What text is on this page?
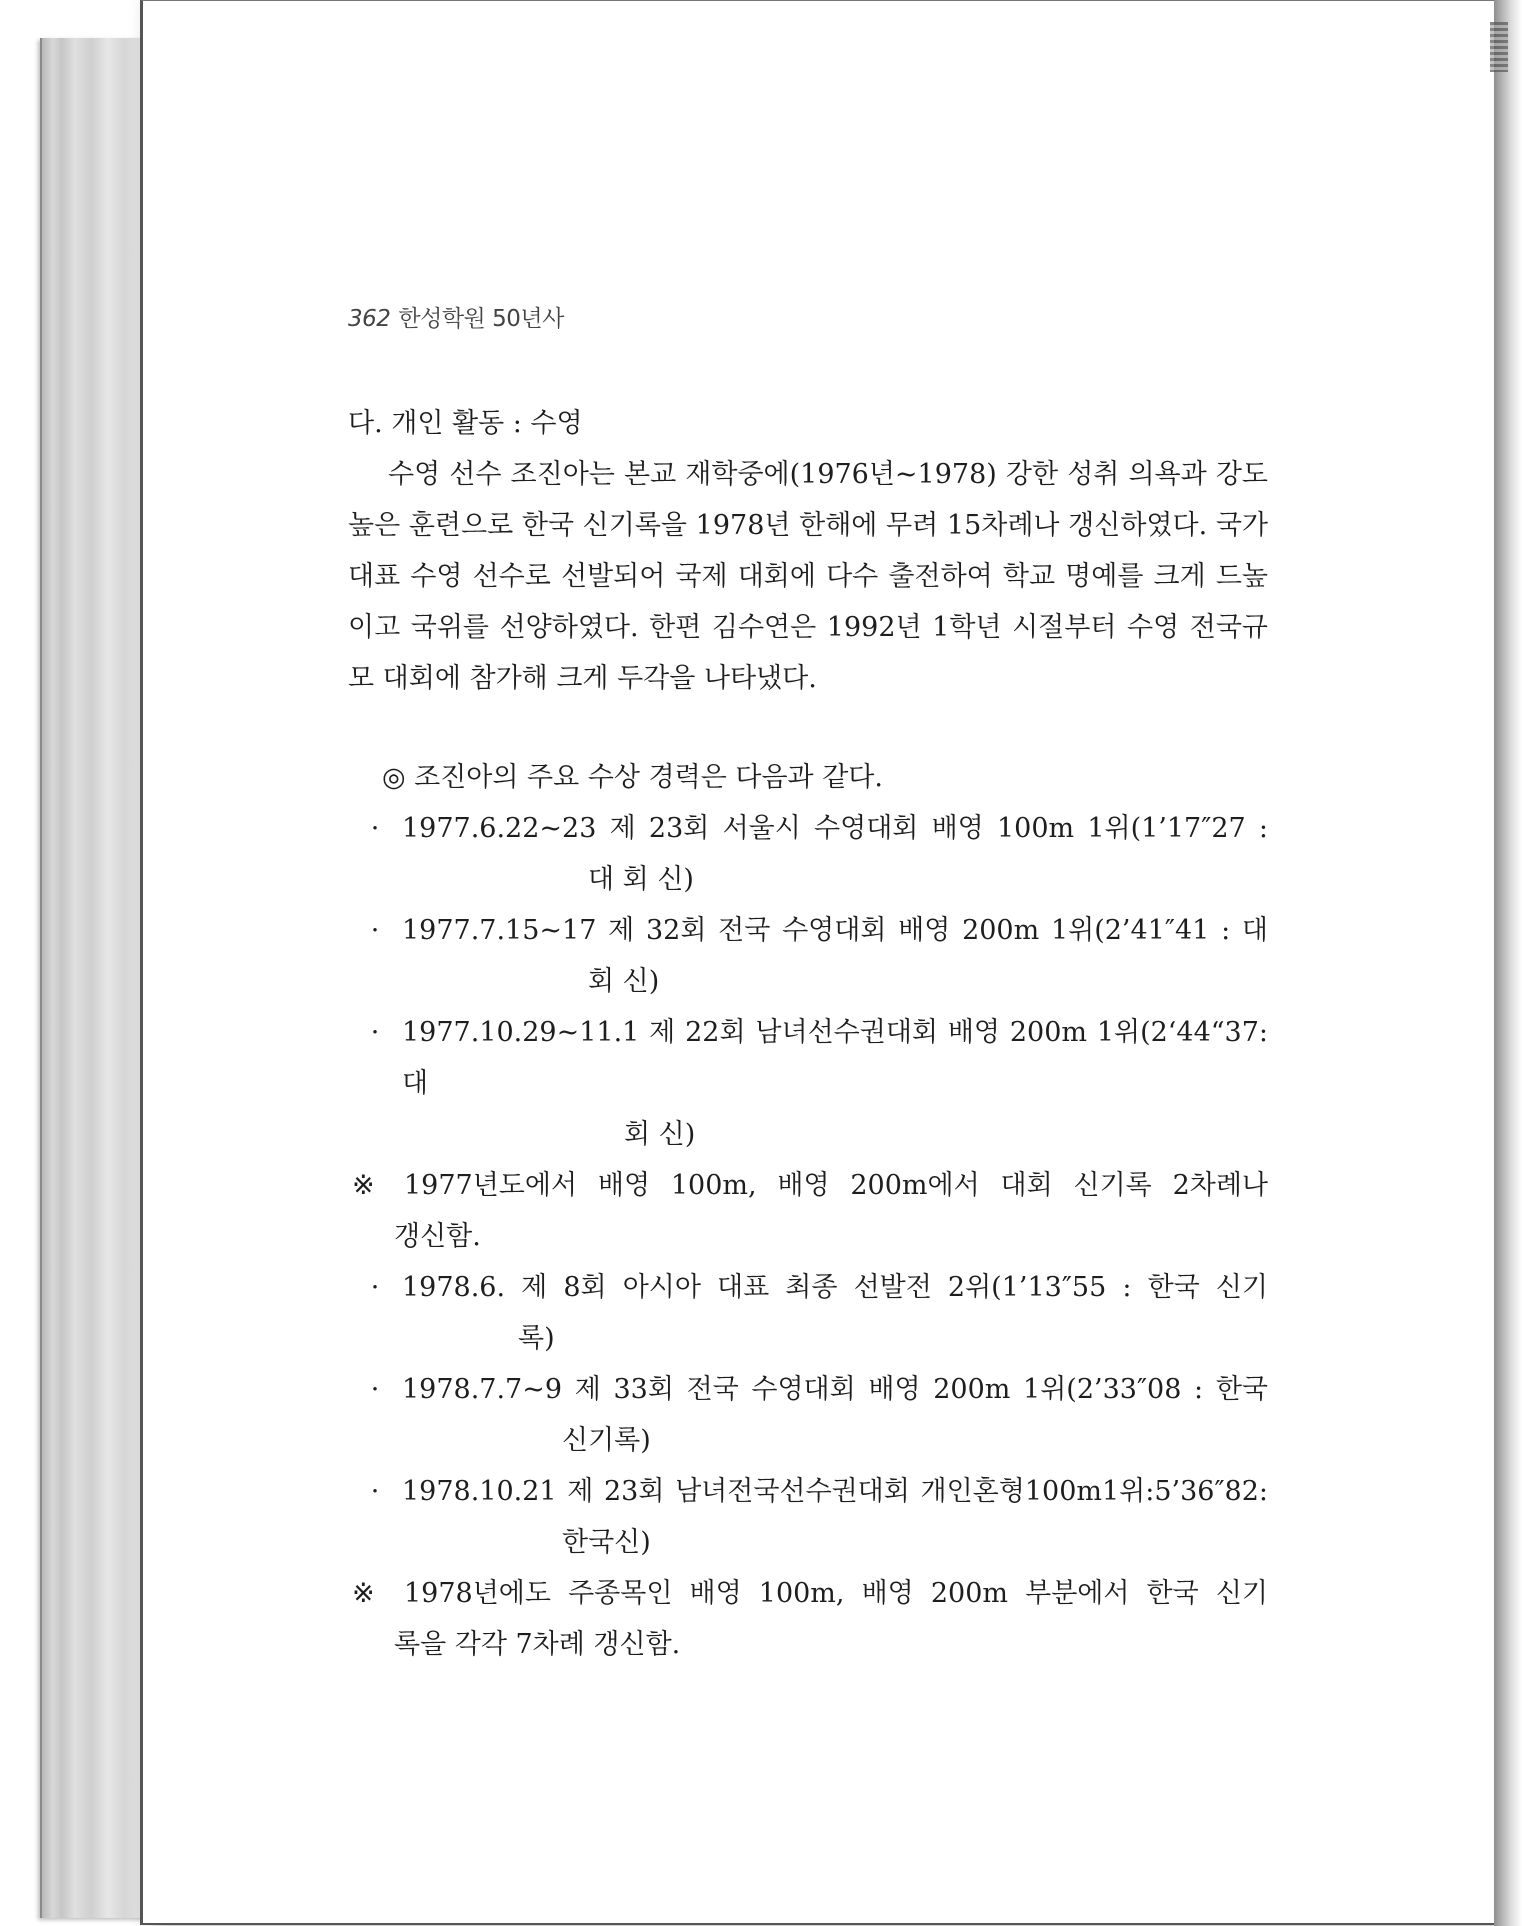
362 한성학원 50년사

다. 개인 활동 : 수영

수영 선수 조진아는 본교 재학중에(1976년~1978) 강한 성취 의욕과 강도 높은 훈련으로 한국 신기록을 1978년 한해에 무려 15차례나 갱신하였다. 국가 대표 수영 선수로 선발되어 국제 대회에 다수 출전하여 학교 명예를 크게 드높이고 국위를 선양하였다. 한편 김수연은 1992년 1학년 시절부터 수영 전국규모 대회에 참가해 크게 두각을 나타냈다.

◎ 조진아의 주요 수상 경력은 다음과 같다.

· 1977.6.22~23 제 23회 서울시 수영대회 배영 100m 1위(1’17″27 :
대 회 신)
· 1977.7.15~17 제 32회 전국 수영대회 배영 200m 1위(2’41″41 : 대
회 신)
· 1977.10.29~11.1 제 22회 남녀선수권대회 배영 200m 1위(2‘44“37:대
회 신)
※	1977년도에서 배영 100m, 배영 200m에서 대회 신기록 2차례나
갱신함.
· 1978.6. 제 8회 아시아 대표 최종 선발전 2위(1’13″55 : 한국 신기
록)
· 1978.7.7~9 제 33회 전국 수영대회 배영 200m 1위(2’33″08 : 한국
신기록)
· 1978.10.21 제 23회 남녀전국선수권대회 개인혼형100m1위:5’36″82:
한국신)
※	1978년에도 주종목인 배영 100m, 배영 200m 부분에서 한국 신기
록을 각각 7차례 갱신함.
